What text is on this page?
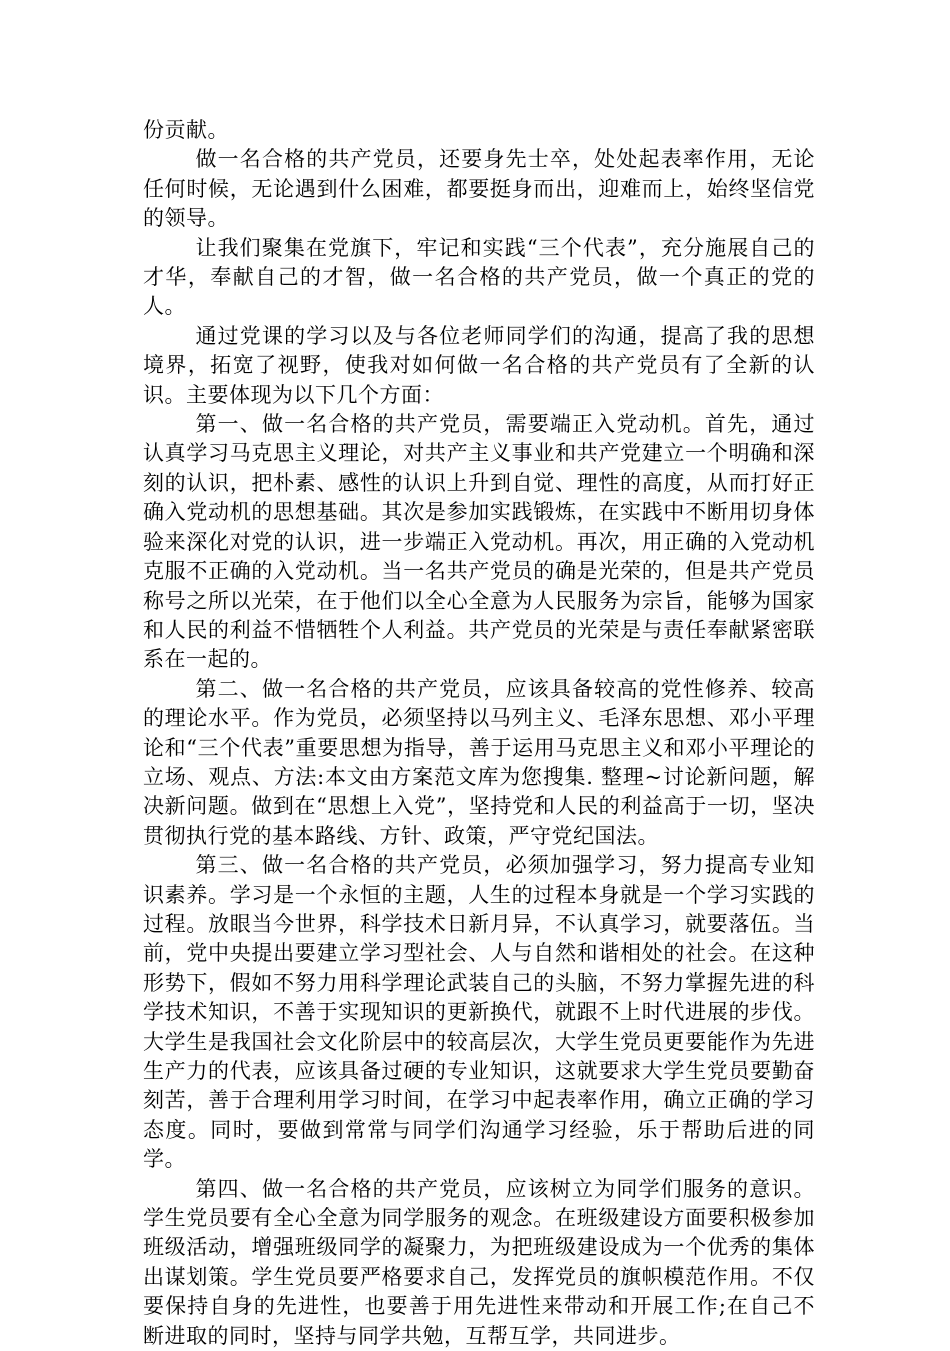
份贡献。

做一名合格的共产党员，还要身先士卒，处处起表率作用，无论任何时候，无论遇到什么困难，都要挺身而出，迎难而上，始终坚信党的领导。

让我们聚集在党旗下，牢记和实践“三个代表”，充分施展自己的才华，奉献自己的才智，做一名合格的共产党员，做一个真正的党的人。

通过党课的学习以及与各位老师同学们的沟通，提高了我的思想境界，拓宽了视野，使我对如何做一名合格的共产党员有了全新的认识。主要体现为以下几个方面：

第一、做一名合格的共产党员，需要端正入党动机。首先，通过认真学习马克思主义理论，对共产主义事业和共产党建立一个明确和深刻的认识，把朴素、感性的认识上升到自觉、理性的高度，从而打好正确入党动机的思想基础。其次是参加实践锻炼，在实践中不断用切身体验来深化对党的认识，进一步端正入党动机。再次，用正确的入党动机克服不正确的入党动机。当一名共产党员的确是光荣的，但是共产党员称号之所以光荣，在于他们以全心全意为人民服务为宗旨，能够为国家和人民的利益不惜牺牲个人利益。共产党员的光荣是与责任奉献紧密联系在一起的。

第二、做一名合格的共产党员，应该具备较高的党性修养、较高的理论水平。作为党员，必须坚持以马列主义、毛泽东思想、邓小平理论和“三个代表”重要思想为指导，善于运用马克思主义和邓小平理论的立场、观点、方法:本文由方案范文库为您搜集. 整理~讨论新问题，解决新问题。做到在“思想上入党”，坚持党和人民的利益高于一切，坚决贯彻执行党的基本路线、方针、政策，严守党纪国法。

第三、做一名合格的共产党员，必须加强学习，努力提高专业知识素养。学习是一个永恒的主题，人生的过程本身就是一个学习实践的过程。放眼当今世界，科学技术日新月异，不认真学习，就要落伍。当前，党中央提出要建立学习型社会、人与自然和谐相处的社会。在这种形势下，假如不努力用科学理论武装自己的头脑，不努力掌握先进的科学技术知识，不善于实现知识的更新换代，就跟不上时代进展的步伐。大学生是我国社会文化阶层中的较高层次，大学生党员更要能作为先进生产力的代表，应该具备过硬的专业知识，这就要求大学生党员要勤奋刻苦，善于合理利用学习时间，在学习中起表率作用，确立正确的学习态度。同时，要做到常常与同学们沟通学习经验，乐于帮助后进的同学。

第四、做一名合格的共产党员，应该树立为同学们服务的意识。学生党员要有全心全意为同学服务的观念。在班级建设方面要积极参加班级活动，增强班级同学的凝聚力，为把班级建设成为一个优秀的集体出谋划策。学生党员要严格要求自己，发挥党员的旗帜模范作用。不仅要保持自身的先进性，也要善于用先进性来带动和开展工作;在自己不断进取的同时，坚持与同学共勉，互帮互学，共同进步。
